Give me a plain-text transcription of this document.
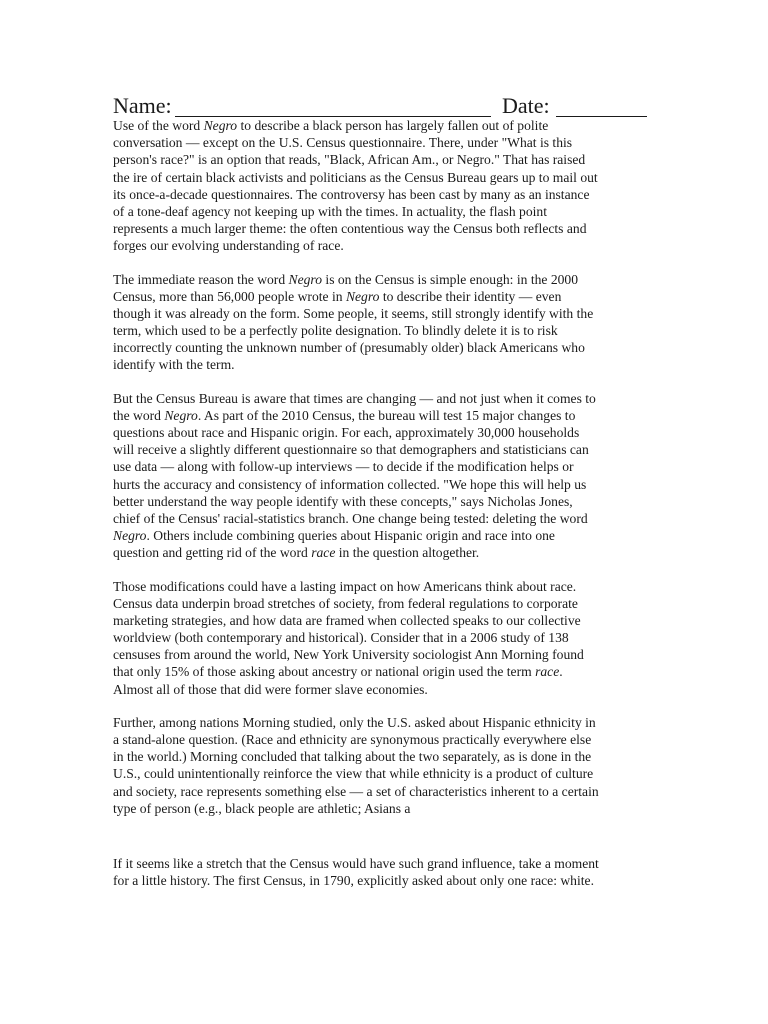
Name:	Date:

Use of the word Negro to describe a black person has largely fallen out of polite
conversation — except on the U.S. Census questionnaire. There, under "What is this
person's race?" is an option that reads, "Black, African Am., or Negro." That has raised
the ire of certain black activists and politicians as the Census Bureau gears up to mail out
its once-a-decade questionnaires. The controversy has been cast by many as an instance
of a tone-deaf agency not keeping up with the times. In actuality, the flash point
represents a much larger theme: the often contentious way the Census both reflects and
forges our evolving understanding of race.

The immediate reason the word Negro is on the Census is simple enough: in the 2000
Census, more than 56,000 people wrote in Negro to describe their identity — even
though it was already on the form. Some people, it seems, still strongly identify with the
term, which used to be a perfectly polite designation. To blindly delete it is to risk
incorrectly counting the unknown number of (presumably older) black Americans who
identify with the term.

But the Census Bureau is aware that times are changing — and not just when it comes to
the word Negro. As part of the 2010 Census, the bureau will test 15 major changes to
questions about race and Hispanic origin. For each, approximately 30,000 households
will receive a slightly different questionnaire so that demographers and statisticians can
use data — along with follow-up interviews — to decide if the modification helps or
hurts the accuracy and consistency of information collected. "We hope this will help us
better understand the way people identify with these concepts," says Nicholas Jones,
chief of the Census' racial-statistics branch. One change being tested: deleting the word
Negro. Others include combining queries about Hispanic origin and race into one
question and getting rid of the word race in the question altogether.

Those modifications could have a lasting impact on how Americans think about race.
Census data underpin broad stretches of society, from federal regulations to corporate
marketing strategies, and how data are framed when collected speaks to our collective
worldview (both contemporary and historical). Consider that in a 2006 study of 138
censuses from around the world, New York University sociologist Ann Morning found
that only 15% of those asking about ancestry or national origin used the term race.
Almost all of those that did were former slave economies.

Further, among nations Morning studied, only the U.S. asked about Hispanic ethnicity in
a stand-alone question. (Race and ethnicity are synonymous practically everywhere else
in the world.) Morning concluded that talking about the two separately, as is done in the
U.S., could unintentionally reinforce the view that while ethnicity is a product of culture
and society, race represents something else — a set of characteristics inherent to a certain
type of person (e.g., black people are athletic; Asians a

If it seems like a stretch that the Census would have such grand influence, take a moment
for a little history. The first Census, in 1790, explicitly asked about only one race: white.
